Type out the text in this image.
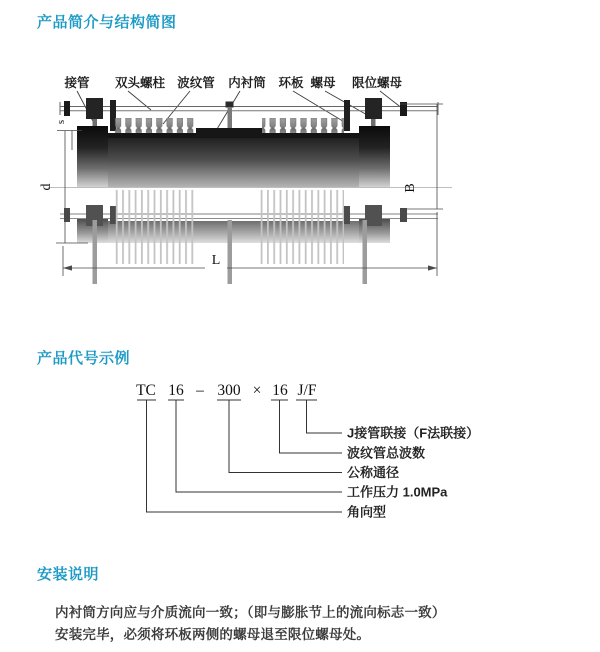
产品简介与结构简图
产品代号示例
安装说明
内衬筒方向应与介质流向一致；（即与膨胀节上的流向标志一致）
安装完毕，必须将环板两侧的螺母退至限位螺母处。
接管 双头螺柱 波纹管 内衬筒 环板 螺母 限位螺母
s
d	B
L
TC 16 – 300 × 16 J/F
J接管联接（F法联接）
波纹管总波数
公称通径
工作压力 1.0MPa
角向型
